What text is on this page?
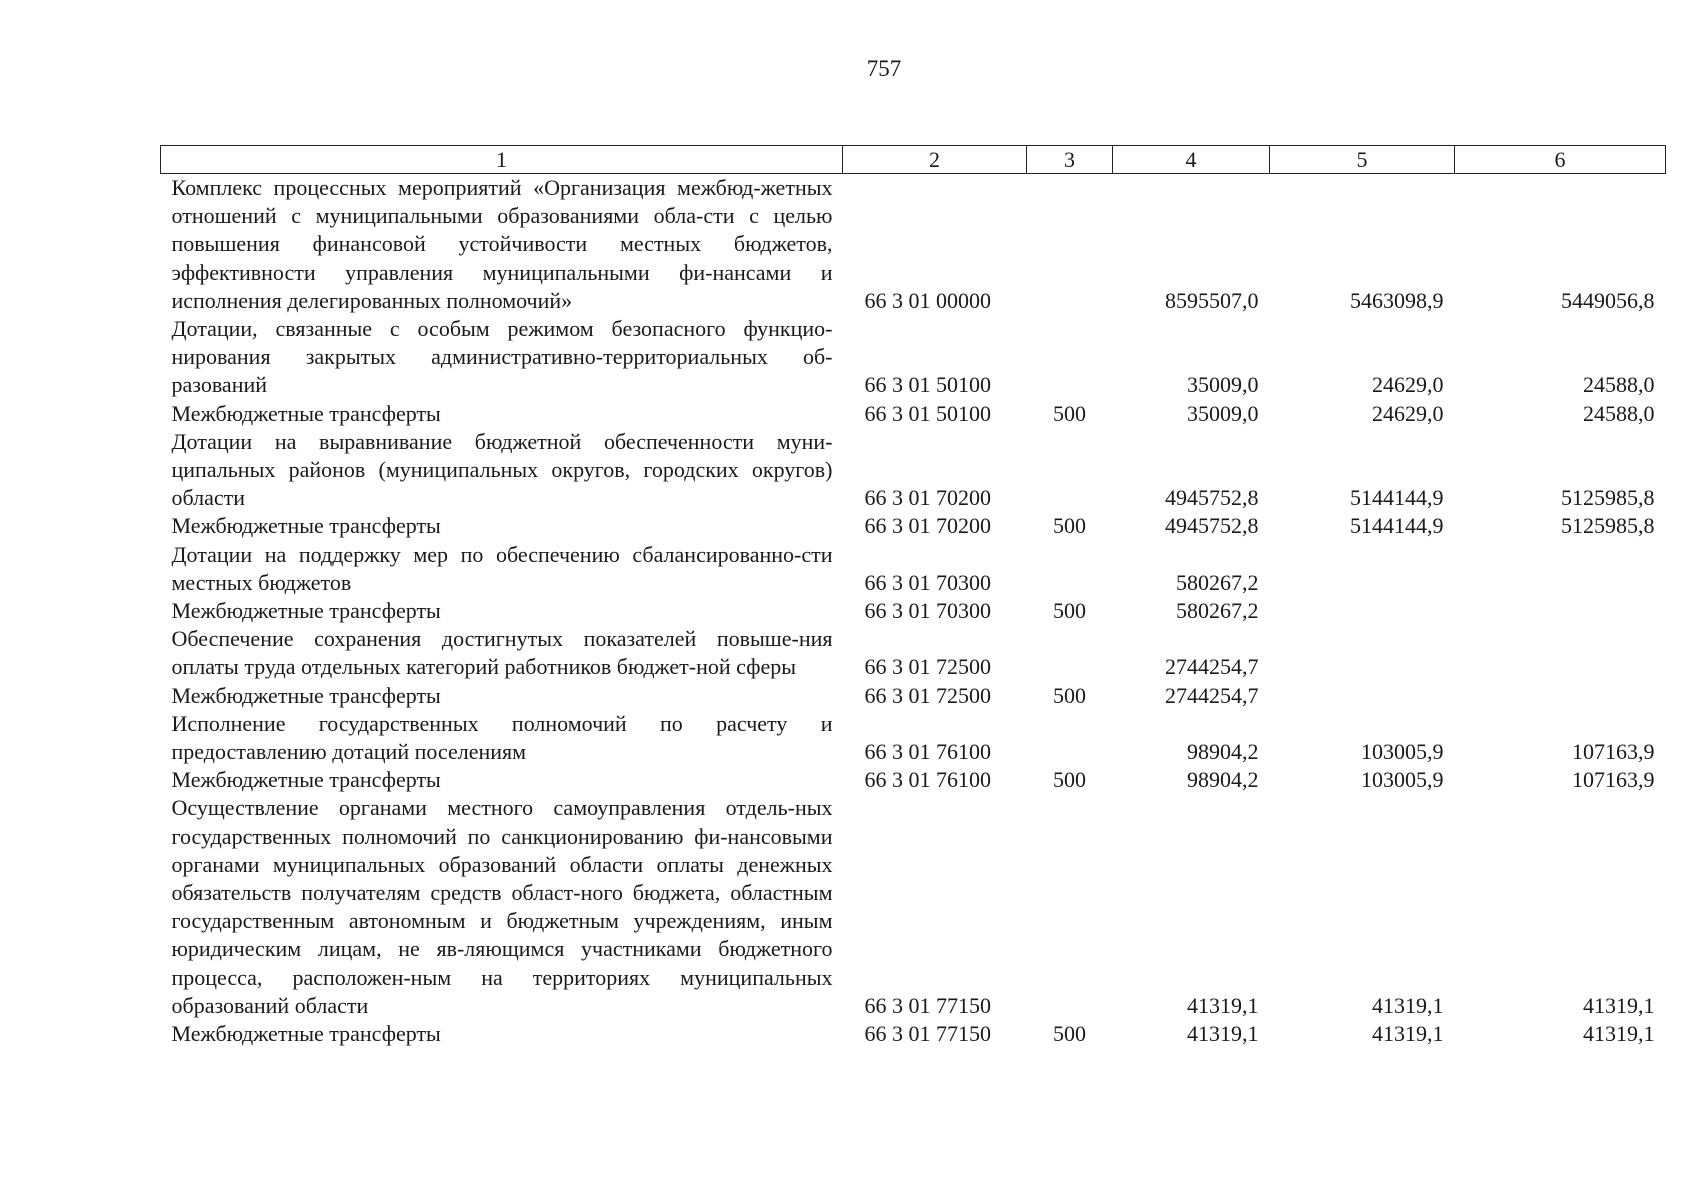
757
1	2	3	4	5	6
Комплекс процессных мероприятий «Организация межбюд-жетных отношений с муниципальными образованиями обла-сти с целью повышения финансовой устойчивости местных бюджетов, эффективности управления муниципальными фи-нансами и исполнения делегированных полномочий»	66 3 01 00000		8595507,0	5463098,9	5449056,8
Дотации, связанные с особым режимом безопасного функцио-нирования закрытых административно-территориальных об-разований	66 3 01 50100		35009,0	24629,0	24588,0
Межбюджетные трансферты	66 3 01 50100	500	35009,0	24629,0	24588,0
Дотации на выравнивание бюджетной обеспеченности муни-ципальных районов (муниципальных округов, городских округов) области	66 3 01 70200		4945752,8	5144144,9	5125985,8
Межбюджетные трансферты	66 3 01 70200	500	4945752,8	5144144,9	5125985,8
Дотации на поддержку мер по обеспечению сбалансированно-сти местных бюджетов	66 3 01 70300		580267,2		
Межбюджетные трансферты	66 3 01 70300	500	580267,2		
Обеспечение сохранения достигнутых показателей повыше-ния оплаты труда отдельных категорий работников бюджет-ной сферы	66 3 01 72500		2744254,7		
Межбюджетные трансферты	66 3 01 72500	500	2744254,7		
Исполнение государственных полномочий по расчету и предоставлению дотаций поселениям	66 3 01 76100		98904,2	103005,9	107163,9
Межбюджетные трансферты	66 3 01 76100	500	98904,2	103005,9	107163,9
Осуществление органами местного самоуправления отдель-ных государственных полномочий по санкционированию фи-нансовыми органами муниципальных образований области оплаты денежных обязательств получателям средств област-ного бюджета, областным государственным автономным и бюджетным учреждениям, иным юридическим лицам, не яв-ляющимся участниками бюджетного процесса, расположен-ным на территориях муниципальных образований области	66 3 01 77150		41319,1	41319,1	41319,1
Межбюджетные трансферты	66 3 01 77150	500	41319,1	41319,1	41319,1
